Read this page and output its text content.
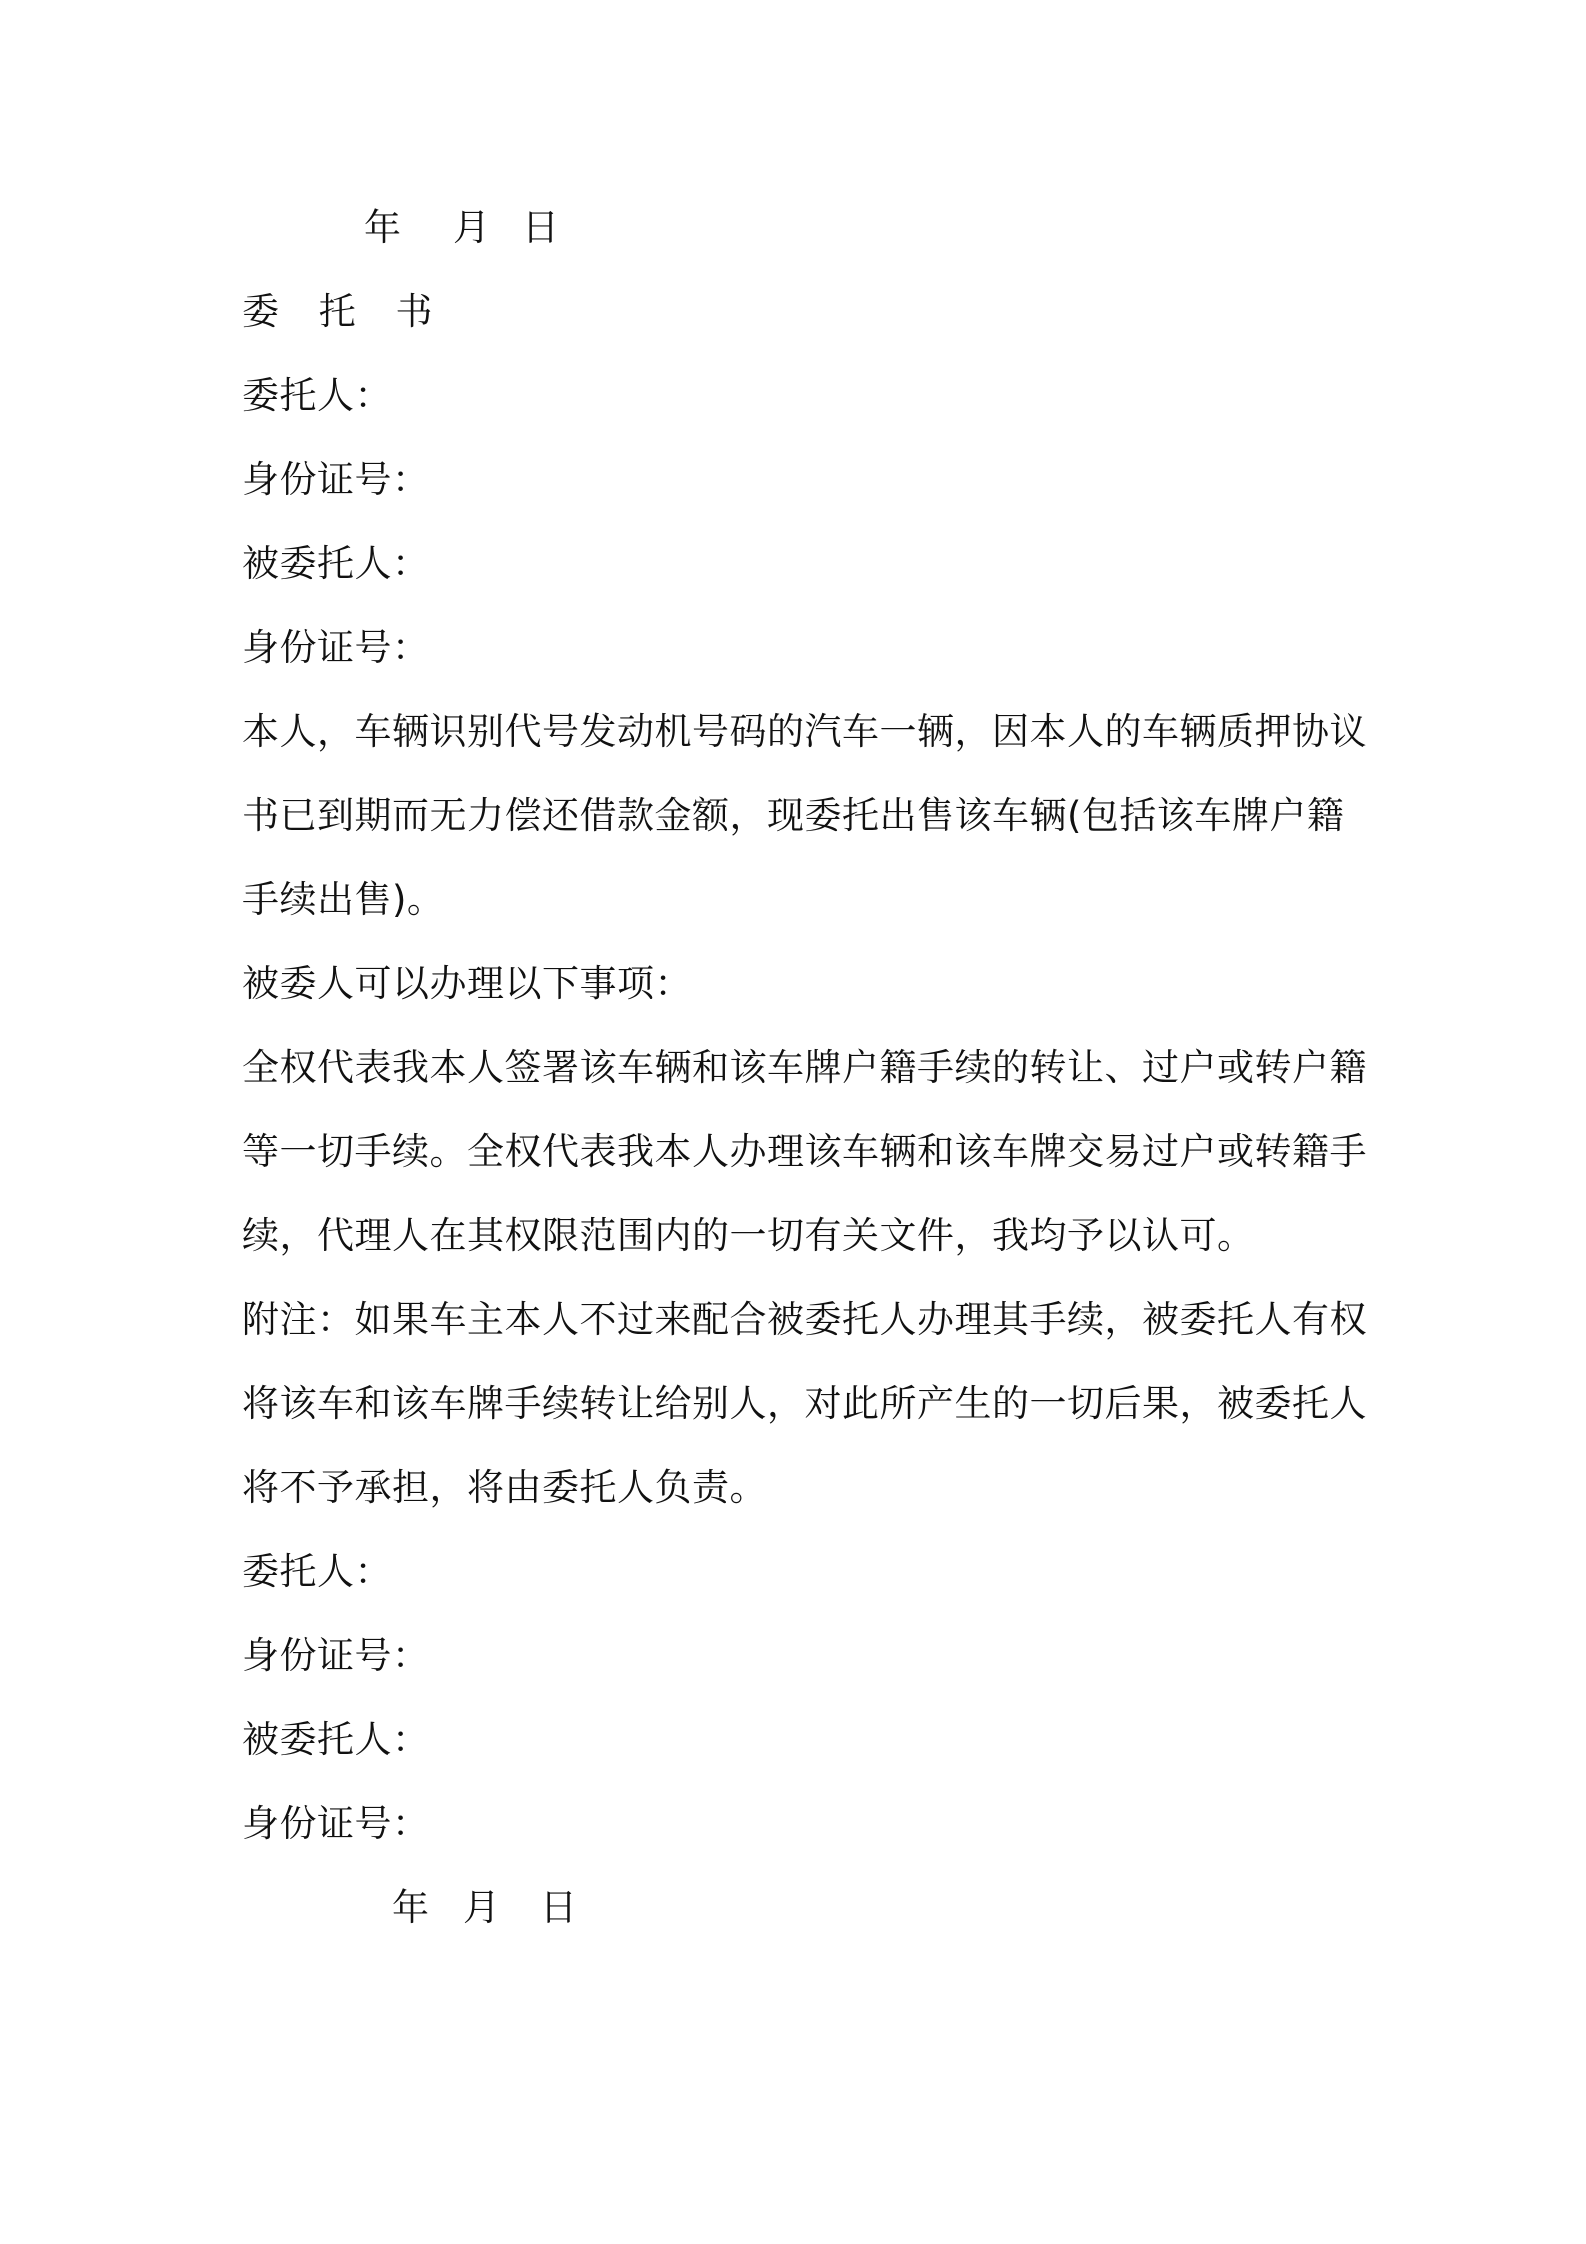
年 月 日
委 托 书
委托人：
身份证号：
被委托人：
身份证号：
本人，车辆识别代号发动机号码的汽车一辆，因本人的车辆质押协议
书已到期而无力偿还借款金额，现委托出售该车辆(包括该车牌户籍
手续出售)。
被委人可以办理以下事项：
全权代表我本人签署该车辆和该车牌户籍手续的转让、过户或转户籍
等一切手续。全权代表我本人办理该车辆和该车牌交易过户或转籍手
续，代理人在其权限范围内的一切有关文件，我均予以认可。
附注：如果车主本人不过来配合被委托人办理其手续，被委托人有权
将该车和该车牌手续转让给别人，对此所产生的一切后果，被委托人
将不予承担，将由委托人负责。
委托人：
身份证号：
被委托人：
身份证号：
年 月 日
